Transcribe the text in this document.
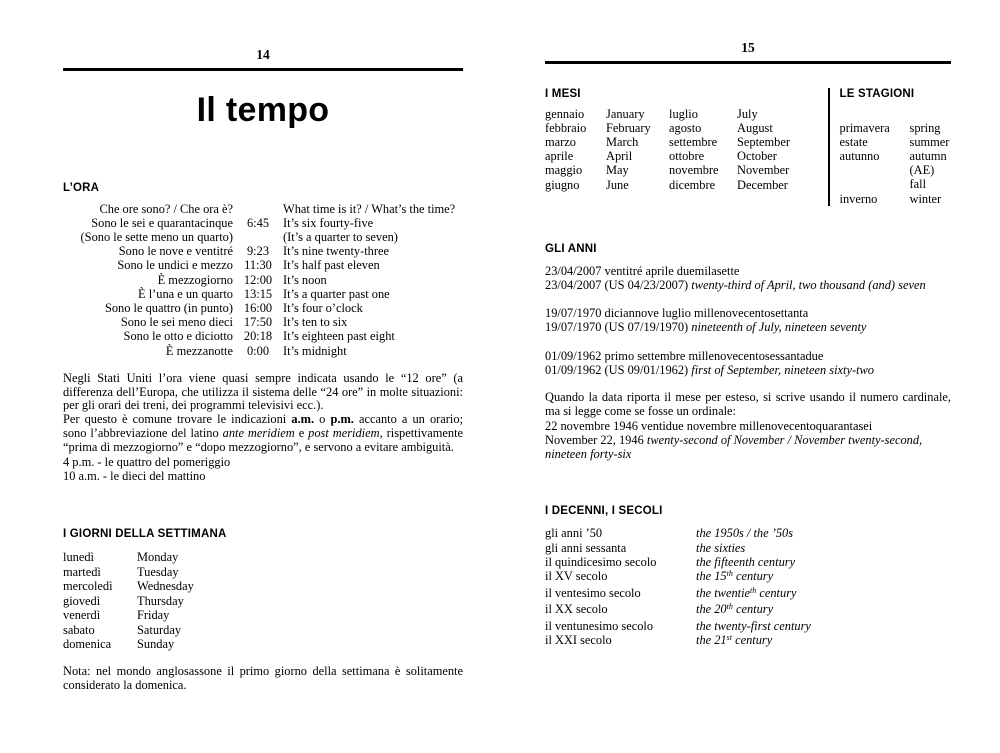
14
Il tempo
L’ORA
Che ore sono? / Che ora è?		What time is it? / What’s the time?
Sono le sei e quarantacinque	6:45	It’s six fourty-five
(Sono le sette meno un quarto)		(It’s a quarter to seven)
Sono le nove e ventitré	9:23	It’s nine twenty-three
Sono le undici e mezzo	11:30	It’s half past eleven
È mezzogiorno	12:00	It’s noon
È l’una e un quarto	13:15	It’s a quarter past one
Sono le quattro (in punto)	16:00	It’s four o’clock
Sono le sei meno dieci	17:50	It’s ten to six
Sono le otto e diciotto	20:18	It’s eighteen past eight
È mezzanotte	0:00	It’s midnight
Negli Stati Uniti l’ora viene quasi sempre indicata usando le “12 ore” (a differenza dell’Europa, che utilizza il sistema delle “24 ore” in molte situazioni: per gli orari dei treni, dei programmi televisivi ecc.).
Per questo è comune trovare le indicazioni a.m. o p.m. accanto a un orario; sono l’abbreviazione del latino ante meridiem e post meridiem, rispettivamente “prima di mezzogiorno” e “dopo mezzogiorno”, e servono a evitare ambiguità.
4 p.m. - le quattro del pomeriggio
10 a.m. - le dieci del mattino
I GIORNI DELLA SETTIMANA
lunedì	Monday
martedì	Tuesday
mercoledì	Wednesday
giovedì	Thursday
venerdì	Friday
sabato	Saturday
domenica	Sunday
Nota: nel mondo anglosassone il primo giorno della settimana è solitamente considerato la domenica.
15
I MESI
gennaio	January	luglio	July
febbraio	February	agosto	August
marzo	March	settembre	September
aprile	April	ottobre	October
maggio	May	novembre	November
giugno	June	dicembre	December
LE STAGIONI
primavera	spring
estate	summer
autunno	autumn
	(AE) fall
inverno	winter
GLI ANNI
23/04/2007 ventitré aprile duemilasette
23/04/2007 (US 04/23/2007) twenty-third of April, two thousand (and) seven
19/07/1970 diciannove luglio millenovecentosettanta
19/07/1970 (US 07/19/1970) nineteenth of July, nineteen seventy
01/09/1962 primo settembre millenovecentosessantadue
01/09/1962 (US 09/01/1962) first of September, nineteen sixty-two
Quando la data riporta il mese per esteso, si scrive usando il numero cardinale, ma si legge come se fosse un ordinale:
22 novembre 1946 ventidue novembre millenovecentoquarantasei
November 22, 1946 twenty-second of November / November twenty-second, nineteen forty-six
I DECENNI, I SECOLI
gli anni ’50	the 1950s / the ’50s
gli anni sessanta	the sixties
il quindicesimo secolo	the fifteenth century
il XV secolo	the 15th century
il ventesimo secolo	the twentie$^{th}$ century
il XX secolo	the 20th century
il ventunesimo secolo	the twenty-first century
il XXI secolo	the 21st century
